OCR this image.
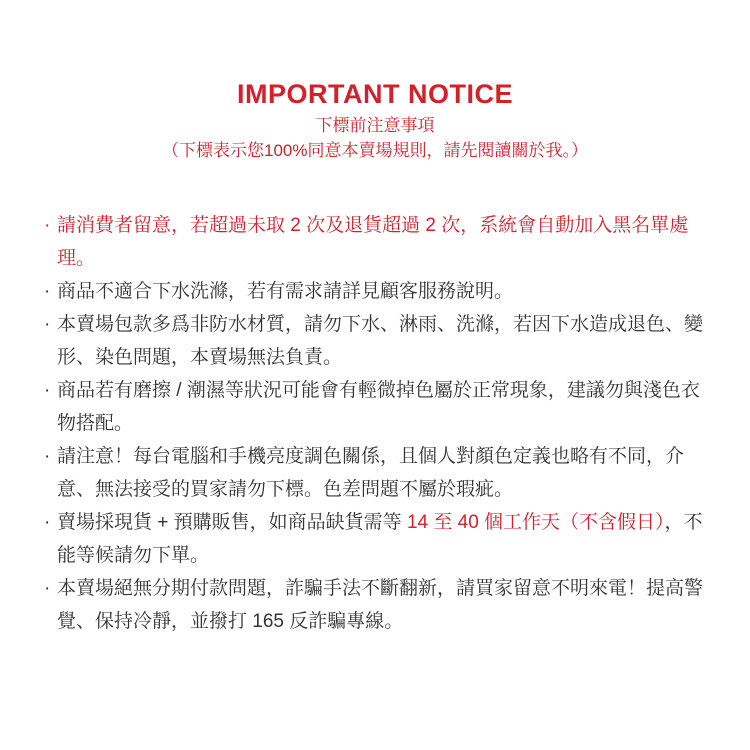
IMPORTANT NOTICE
下標前注意事項
（下標表示您100%同意本賣場規則，請先閱讀關於我。）
· 請消費者留意，若超過未取 2 次及退貨超過 2 次，系統會自動加入黑名單處理。
· 商品不適合下水洗滌，若有需求請詳見顧客服務說明。
· 本賣場包款多爲非防水材質，請勿下水、淋雨、洗滌，若因下水造成退色、變形、染色問題，本賣場無法負責。
· 商品若有磨擦 / 潮濕等狀況可能會有輕微掉色屬於正常現象，建議勿與淺色衣物搭配。
· 請注意！每台電腦和手機亮度調色關係，且個人對顏色定義也略有不同，介意、無法接受的買家請勿下標。色差問題不屬於瑕疵。
· 賣場採現貨 + 預購販售，如商品缺貨需等 14 至 40 個工作天（不含假日），不能等候請勿下單。
· 本賣場絕無分期付款問題，詐騙手法不斷翻新，請買家留意不明來電！提高警覺、保持冷靜，並撥打 165 反詐騙專線。
